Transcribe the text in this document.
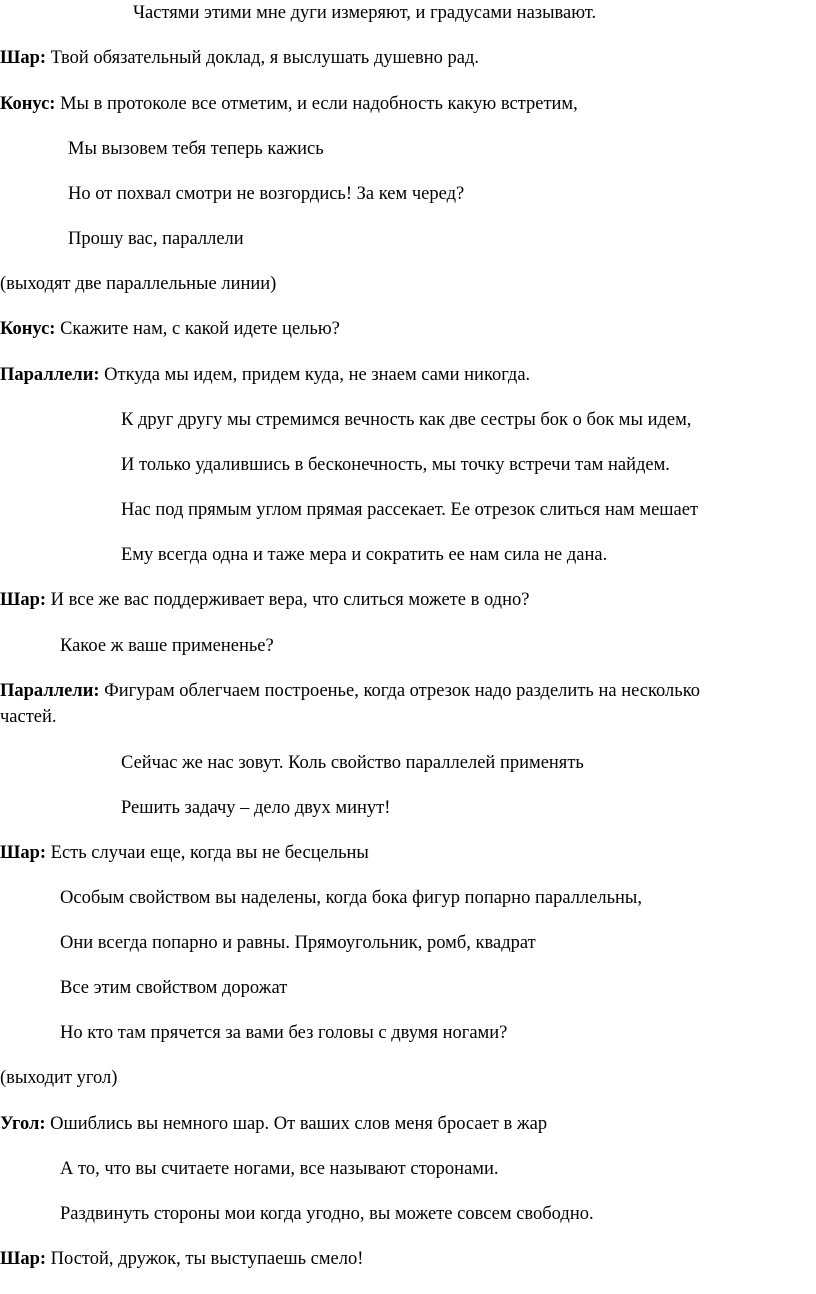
Частями этими мне дуги измеряют, и градусами называют.

Шар: Твой обязательный доклад, я выслушать душевно рад.

Конус: Мы в протоколе все отметим, и если надобность какую встретим,

Мы вызовем тебя теперь кажись

Но от похвал смотри не возгордись! За кем черед?

Прошу вас, параллели

(выходят две параллельные линии)

Конус: Скажите нам, с какой идете целью?

Параллели: Откуда мы идем, придем куда, не знаем сами никогда.

К друг другу мы стремимся вечность как две сестры бок о бок мы идем,

И только удалившись в бесконечность, мы точку встречи там найдем.

Нас под прямым углом прямая рассекает. Ее отрезок слиться нам мешает

Ему всегда одна и таже мера и сократить ее нам сила не дана.

Шар: И все же вас поддерживает вера, что слиться можете в одно?

Какое ж ваше примененье?

Параллели: Фигурам облегчаем построенье, когда отрезок надо разделить на несколько

частей.

Сейчас же нас зовут. Коль свойство параллелей применять

Решить задачу – дело двух минут!

Шар: Есть случаи еще, когда вы не бесцельны

Особым свойством вы наделены, когда бока фигур попарно параллельны,

Они всегда попарно и равны. Прямоугольник, ромб, квадрат

Все этим свойством дорожат

Но кто там прячется за вами без головы с двумя ногами?

(выходит угол)

Угол: Ошиблись вы немного шар. От ваших слов меня бросает в жар

А то, что вы считаете ногами, все называют сторонами.

Раздвинуть стороны мои когда угодно, вы можете совсем свободно.

Шар: Постой, дружок, ты выступаешь смело!
